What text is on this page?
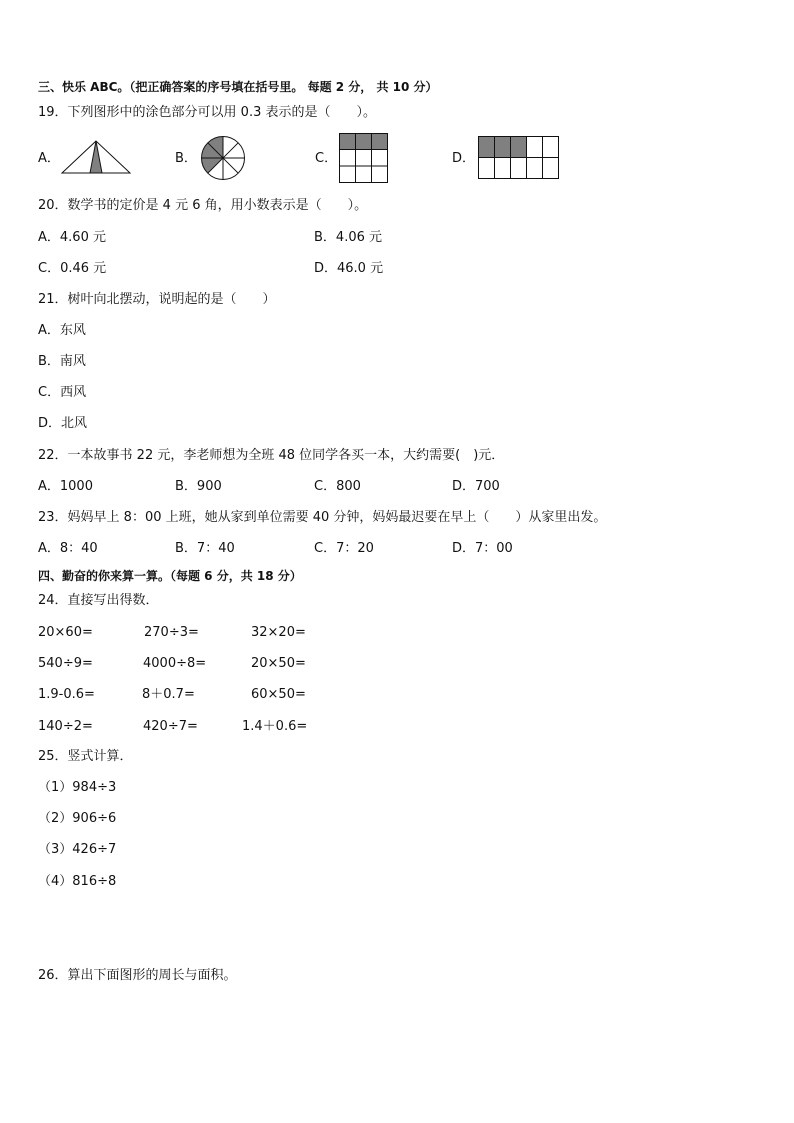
三、快乐 ABC。（把正确答案的序号填在括号里。 每题 2 分， 共 10 分）
19．下列图形中的涂色部分可以用 0.3 表示的是（　　）。
A．	B．	C．	D．
20．数学书的定价是 4 元 6 角，用小数表示是（　　）。
A．4.60 元	B．4.06 元
C．0.46 元	D．46.0 元
21．树叶向北摆动，说明起的是（　　）
A．东风
B．南风
C．西风
D．北风
22．一本故事书 22 元，李老师想为全班 48 位同学各买一本，大约需要(　)元．
A．1000	B．900	C．800	D．700
23．妈妈早上 8：00 上班，她从家到单位需要 40 分钟，妈妈最迟要在早上（　　）从家里出发。
A．8：40	B．7：40	C．7：20	D．7：00
四、勤奋的你来算一算。（每题 6 分，共 18 分）
24．直接写出得数．
20×60=	270÷3=	32×20=
540÷9=	4000÷8=	20×50=
1.9-0.6=	8＋0.7=	60×50=
140÷2=	420÷7=	1.4＋0.6=
25．竖式计算．
（1）984÷3
（2）906÷6
（3）426÷7
（4）816÷8
26．算出下面图形的周长与面积。
